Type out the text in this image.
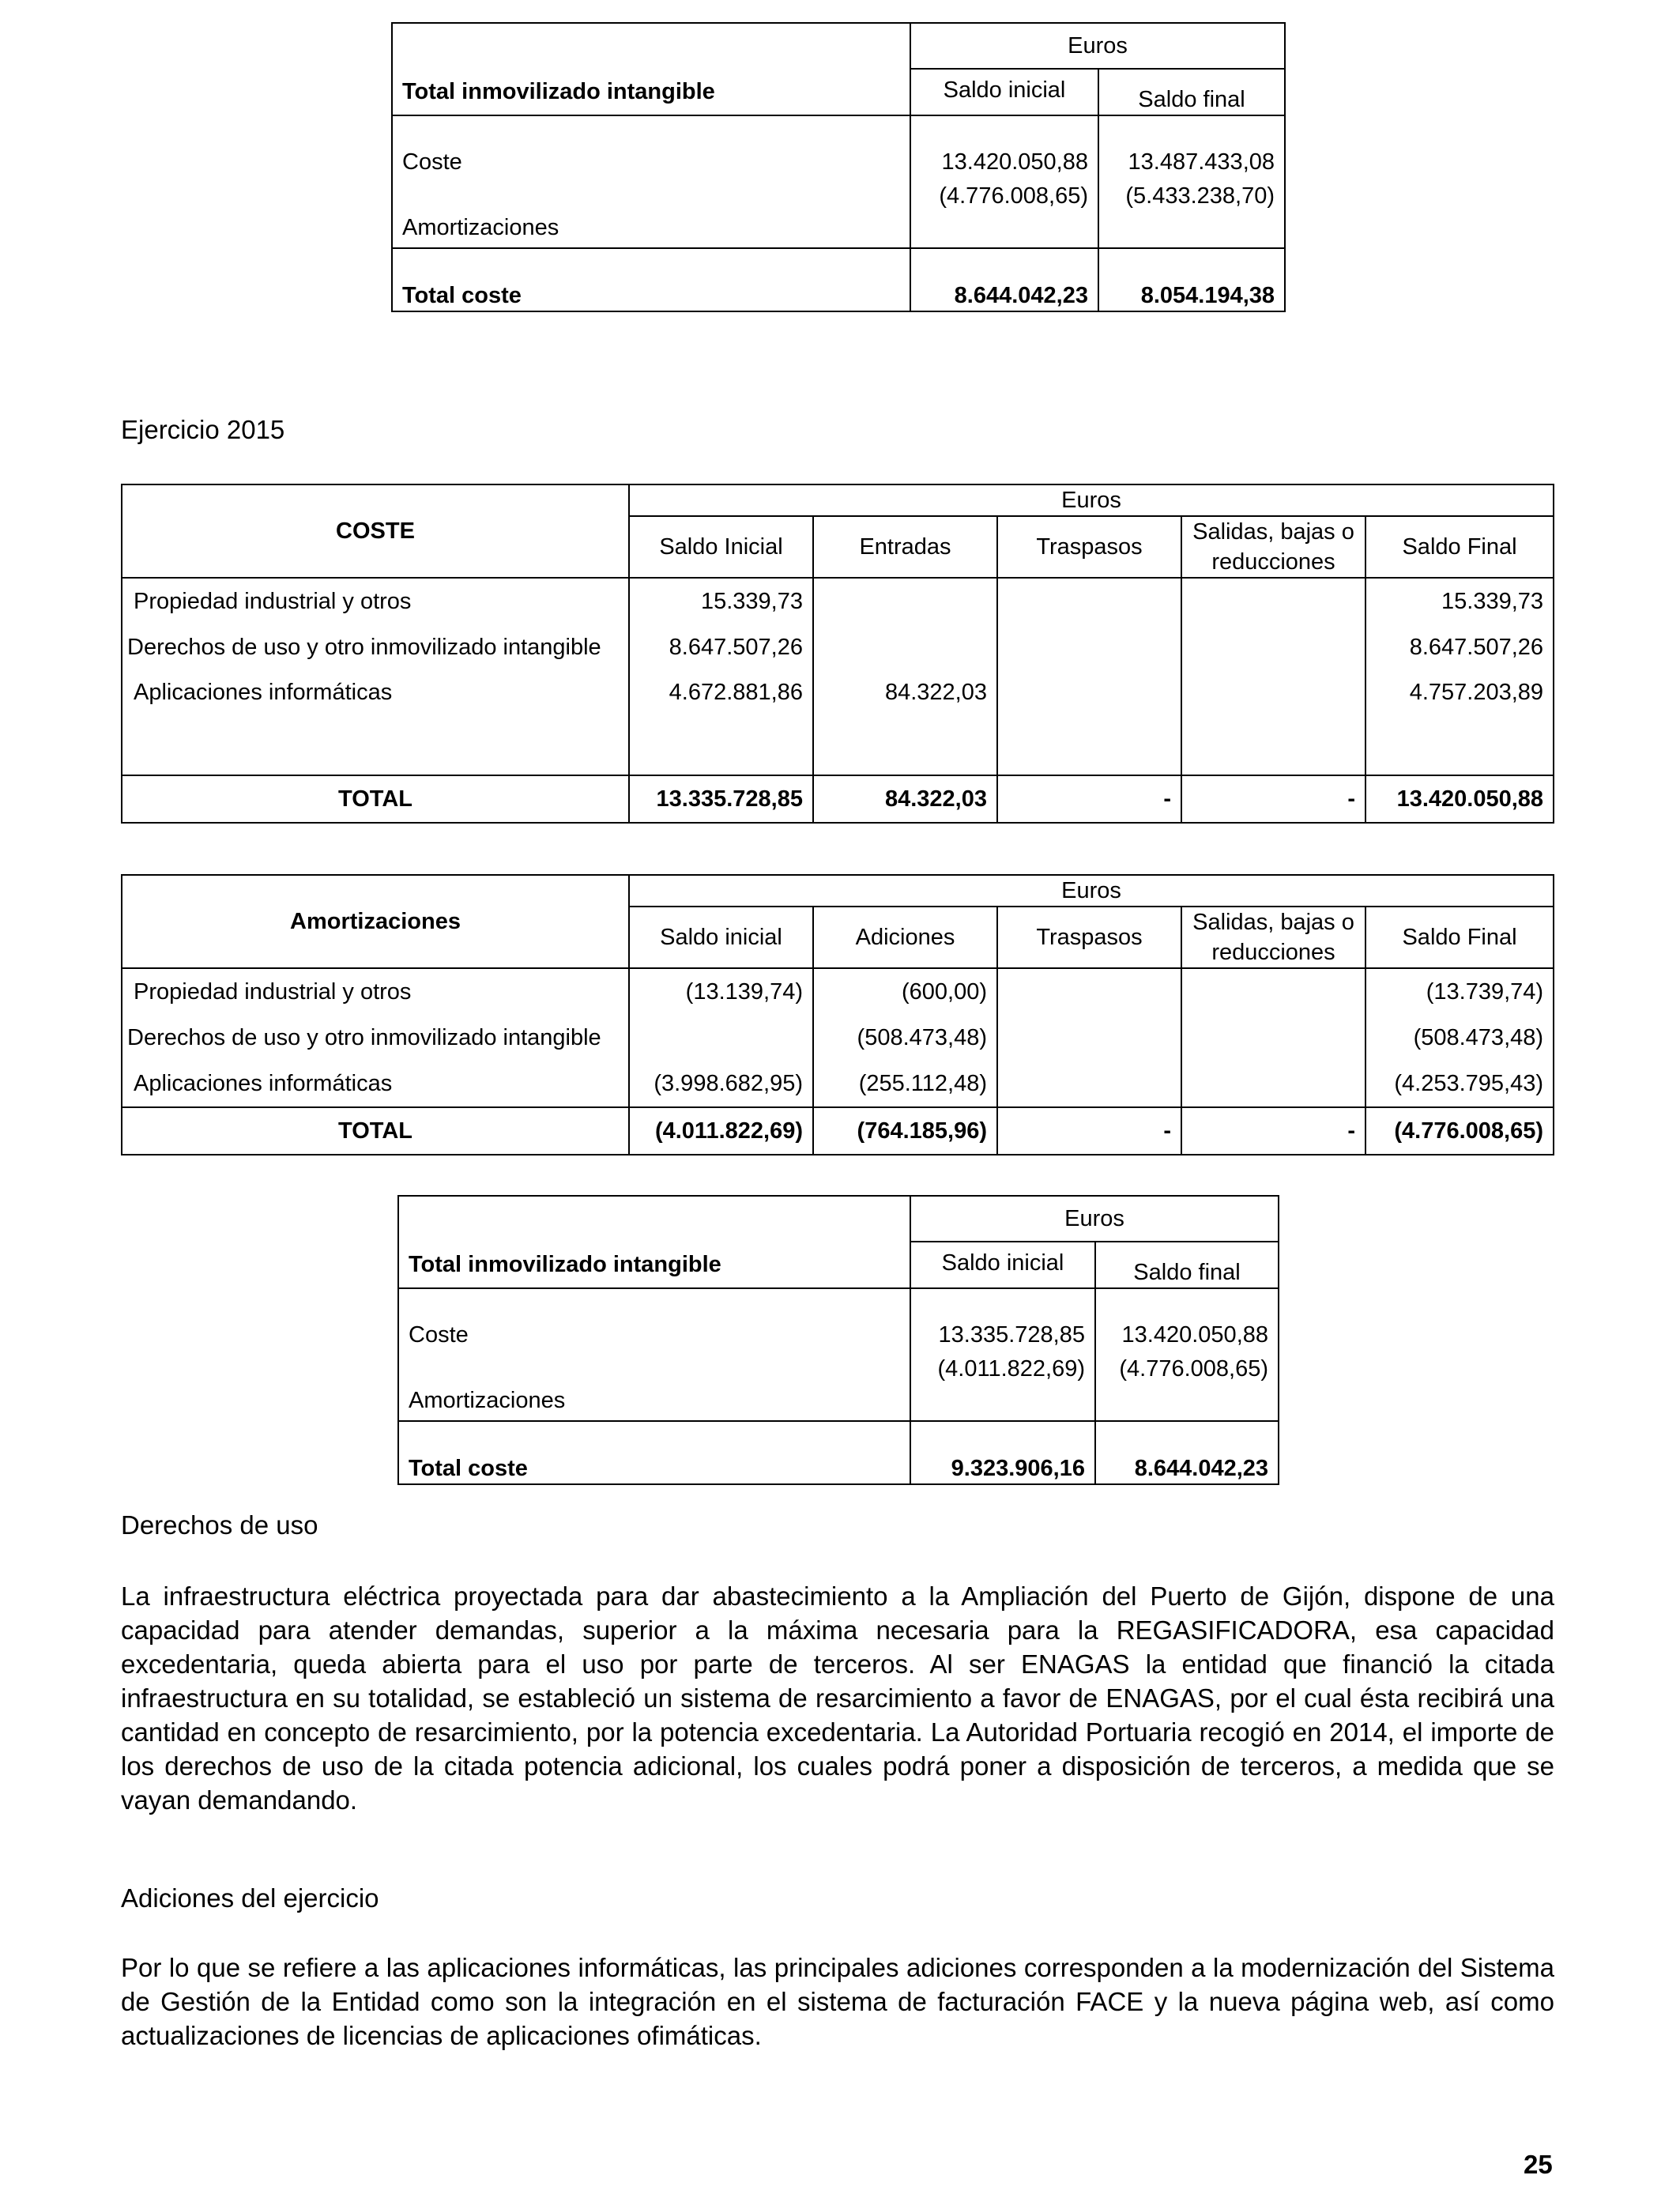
	Euros	
Total inmovilizado intangible	Saldo inicial	Saldo final
Coste	13.420.050,88	13.487.433,08
Amortizaciones	(4.776.008,65)	(5.433.238,70)
Total coste	8.644.042,23	8.054.194,38
Ejercicio 2015
COSTE	Euros				
	Saldo Inicial	Entradas	Traspasos	Salidas, bajas o reducciones	Saldo Final
Propiedad industrial y otros	15.339,73				15.339,73
Derechos de uso y otro inmovilizado intangible	8.647.507,26				8.647.507,26
Aplicaciones informáticas	4.672.881,86	84.322,03			4.757.203,89
TOTAL	13.335.728,85	84.322,03	-	-	13.420.050,88
Amortizaciones	Euros				
	Saldo inicial	Adiciones	Traspasos	Salidas, bajas o reducciones	Saldo Final
Propiedad industrial y otros	(13.139,74)	(600,00)			(13.739,74)
Derechos de uso y otro inmovilizado intangible		(508.473,48)			(508.473,48)
Aplicaciones informáticas	(3.998.682,95)	(255.112,48)			(4.253.795,43)
TOTAL	(4.011.822,69)	(764.185,96)	-	-	(4.776.008,65)
	Euros	
Total inmovilizado intangible	Saldo inicial	Saldo final
Coste	13.335.728,85	13.420.050,88
Amortizaciones	(4.011.822,69)	(4.776.008,65)
Total coste	9.323.906,16	8.644.042,23
Derechos de uso
La infraestructura eléctrica proyectada para dar abastecimiento a la Ampliación del Puerto de Gijón, dispone de una capacidad para atender demandas, superior a la máxima necesaria para la REGASIFICADORA, esa capacidad excedentaria, queda abierta para el uso por parte de terceros. Al ser ENAGAS la entidad que financió la citada infraestructura en su totalidad, se estableció un sistema de resarcimiento a favor de ENAGAS, por el cual ésta recibirá una cantidad en concepto de resarcimiento, por la potencia excedentaria. La Autoridad Portuaria recogió en 2014, el importe de los derechos de uso de la citada potencia adicional, los cuales podrá poner a disposición de terceros, a medida que se vayan demandando.
Adiciones del ejercicio
Por lo que se refiere a las aplicaciones informáticas, las principales adiciones corresponden a la modernización del Sistema de Gestión de la Entidad como son la integración en el sistema de facturación FACE y la nueva página web, así como actualizaciones de licencias de aplicaciones ofimáticas.
25
